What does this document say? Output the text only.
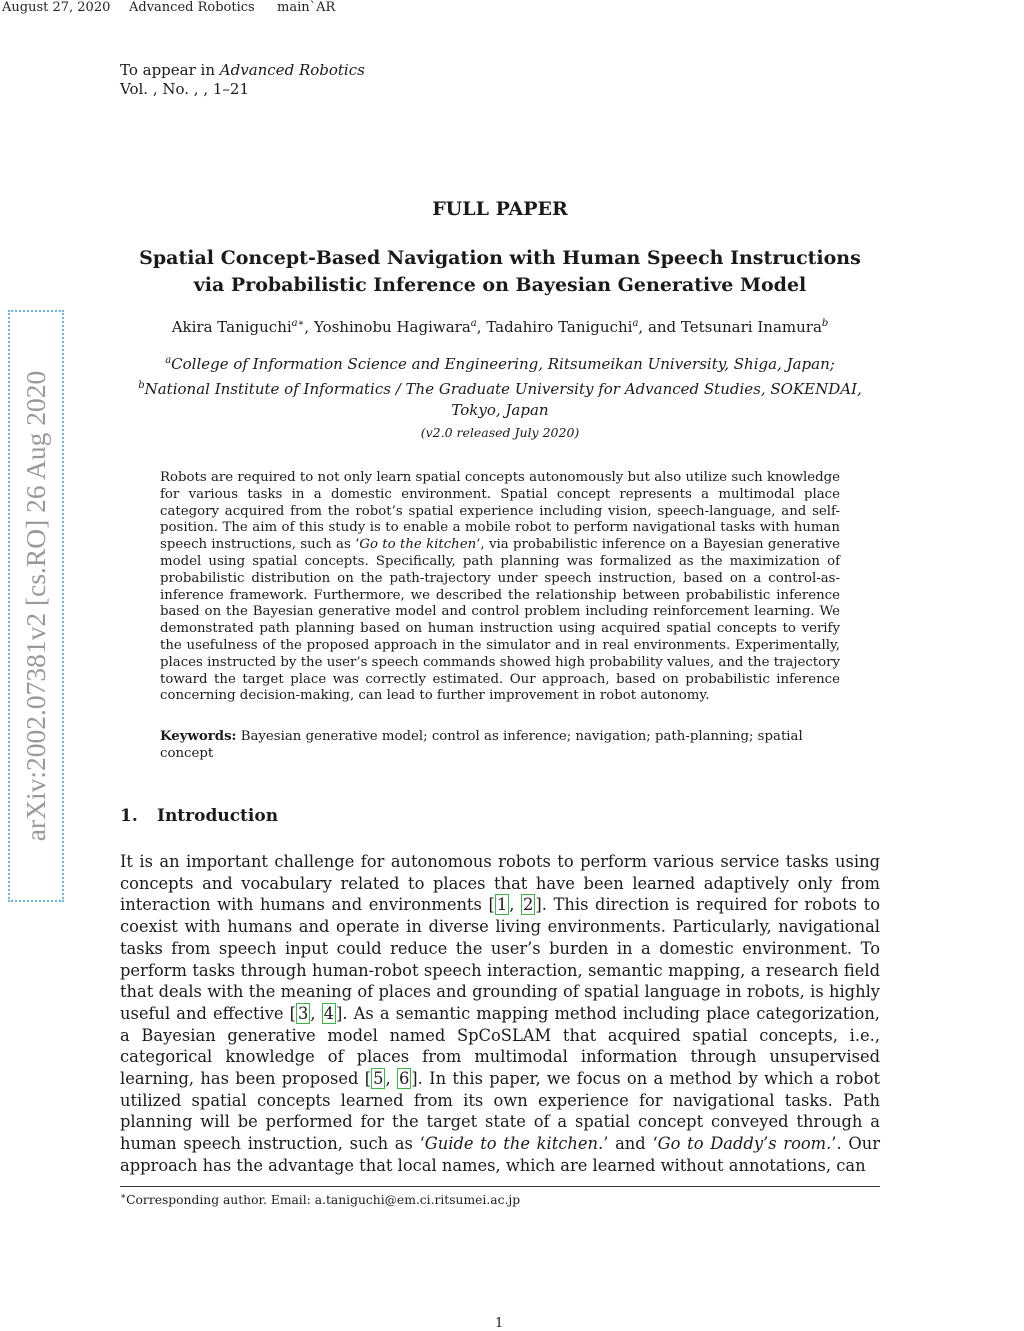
August 27, 2020 Advanced Robotics main`AR
arXiv:2002.07381v2 [cs.RO] 26 Aug 2020
To appear in Advanced Robotics
Vol. , No. , , 1–21
FULL PAPER
Spatial Concept-Based Navigation with Human Speech Instructions
via Probabilistic Inference on Bayesian Generative Model
Akira Taniguchi$^{a∗}$, Yoshinobu Hagiwara$^a$, Tadahiro Taniguchi$^a$, and Tetsunari Inamura$^b$
$^a$College of Information Science and Engineering, Ritsumeikan University, Shiga, Japan;
$^b$National Institute of Informatics / The Graduate University for Advanced Studies, SOKENDAI,
Tokyo, Japan
(v2.0 released July 2020)
Robots are required to not only learn spatial concepts autonomously but also utilize such knowledge for various tasks in a domestic environment. Spatial concept represents a multimodal place category acquired from the robot’s spatial experience including vision, speech-language, and self-position. The aim of this study is to enable a mobile robot to perform navigational tasks with human speech instructions, such as ‘Go to the kitchen’, via probabilistic inference on a Bayesian generative model using spatial concepts. Specifically, path planning was formalized as the maximization of probabilistic distribution on the path-trajectory under speech instruction, based on a control-as-inference framework. Furthermore, we described the relationship between probabilistic inference based on the Bayesian generative model and control problem including reinforcement learning. We demonstrated path planning based on human instruction using acquired spatial concepts to verify the usefulness of the proposed approach in the simulator and in real environments. Experimentally, places instructed by the user’s speech commands showed high probability values, and the trajectory toward the target place was correctly estimated. Our approach, based on probabilistic inference concerning decision-making, can lead to further improvement in robot autonomy.
Keywords: Bayesian generative model; control as inference; navigation; path-planning; spatial concept
1. Introduction
It is an important challenge for autonomous robots to perform various service tasks using concepts and vocabulary related to places that have been learned adaptively only from interaction with humans and environments [ 1 , 2 ]. This direction is required for robots to coexist with humans and operate in diverse living environments. Particularly, navigational tasks from speech input could reduce the user’s burden in a domestic environment. To perform tasks through human-robot speech interaction, semantic mapping, a research field that deals with the meaning of places and grounding of spatial language in robots, is highly useful and effective [ 3 , 4 ]. As a semantic mapping method including place categorization, a Bayesian generative model named SpCoSLAM that acquired spatial concepts, i.e., categorical knowledge of places from multimodal information through unsupervised learning, has been proposed [ 5 , 6 ]. In this paper, we focus on a method by which a robot utilized spatial concepts learned from its own experience for navigational tasks. Path planning will be performed for the target state of a spatial concept conveyed through a human speech instruction, such as ‘Guide to the kitchen.’ and ‘Go to Daddy’s room.’. Our approach has the advantage that local names, which are learned without annotations, can
∗Corresponding author. Email: a.taniguchi@em.ci.ritsumei.ac.jp
1
